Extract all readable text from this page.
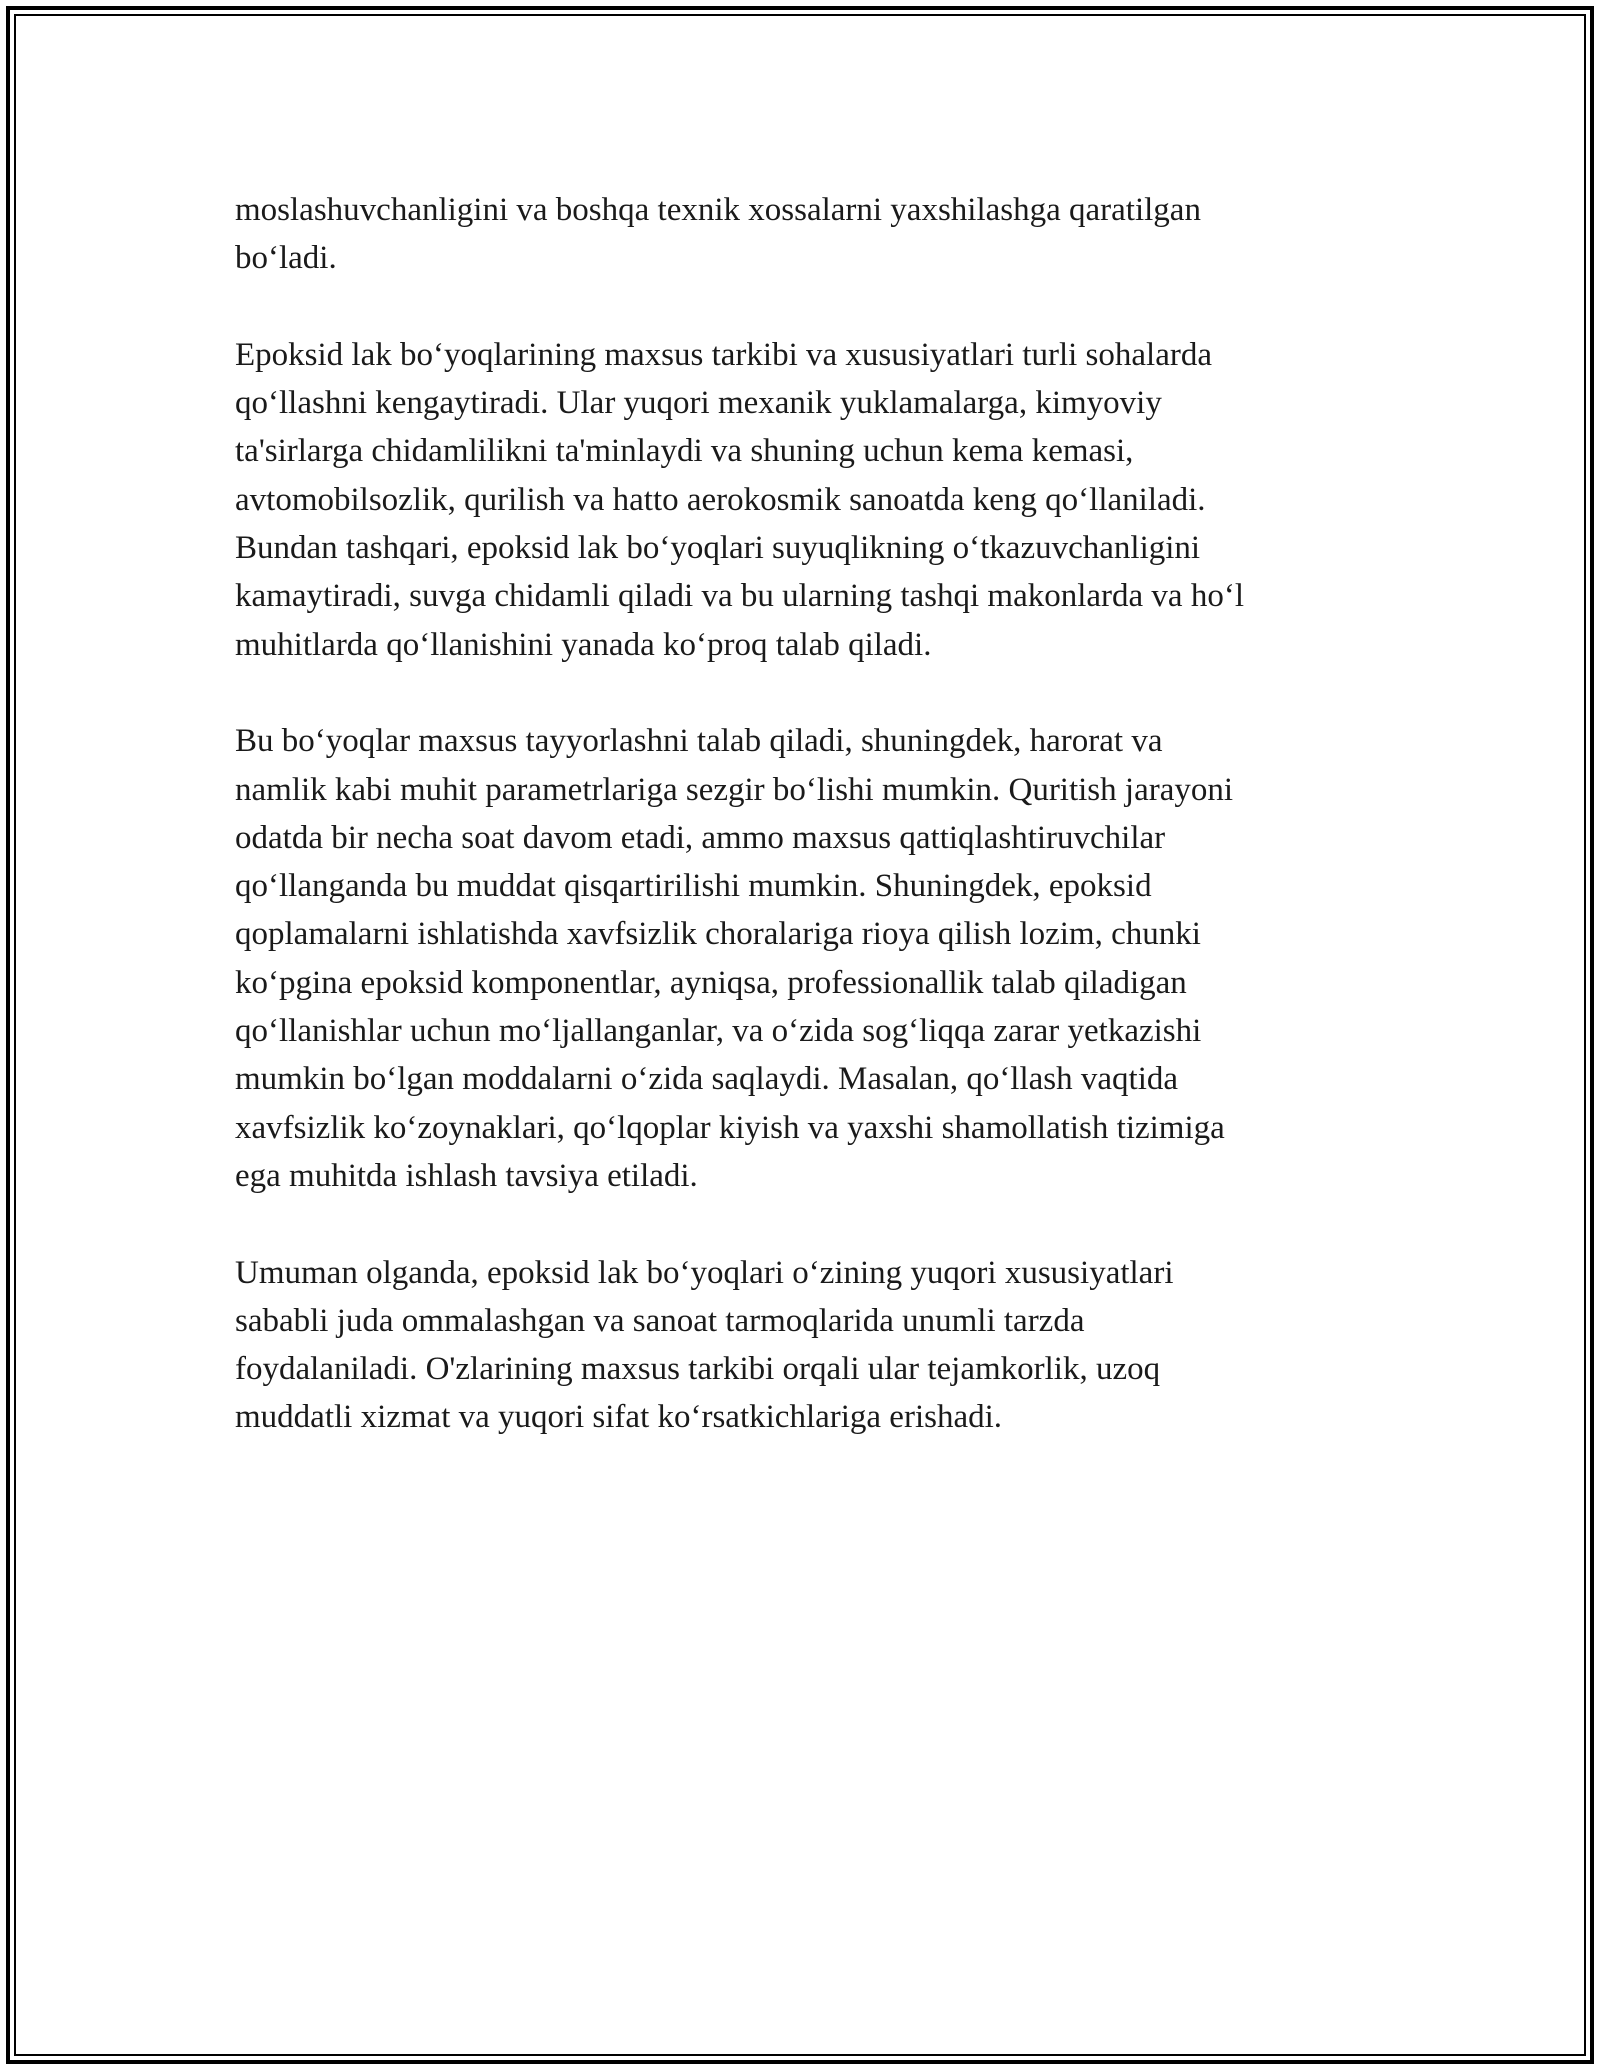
moslashuvchanligini va boshqa texnik xossalarni yaxshilashga qaratilgan
boʻladi.

Epoksid lak boʻyoqlarining maxsus tarkibi va xususiyatlari turli sohalarda
qoʻllashni kengaytiradi. Ular yuqori mexanik yuklamalarga, kimyoviy
ta'sirlarga chidamlilikni ta'minlaydi va shuning uchun kema kemasi,
avtomobilsozlik, qurilish va hatto aerokosmik sanoatda keng qoʻllaniladi.
Bundan tashqari, epoksid lak boʻyoqlari suyuqlikning oʻtkazuvchanligini
kamaytiradi, suvga chidamli qiladi va bu ularning tashqi makonlarda va hoʻl
muhitlarda qoʻllanishini yanada koʻproq talab qiladi.

Bu boʻyoqlar maxsus tayyorlashni talab qiladi, shuningdek, harorat va
namlik kabi muhit parametrlariga sezgir boʻlishi mumkin. Quritish jarayoni
odatda bir necha soat davom etadi, ammo maxsus qattiqlashtiruvchilar
qoʻllanganda bu muddat qisqartirilishi mumkin. Shuningdek, epoksid
qoplamalarni ishlatishda xavfsizlik choralariga rioya qilish lozim, chunki
koʻpgina epoksid komponentlar, ayniqsa, professionallik talab qiladigan
qoʻllanishlar uchun moʻljallanganlar, va oʻzida sogʻliqqa zarar yetkazishi
mumkin boʻlgan moddalarni oʻzida saqlaydi. Masalan, qoʻllash vaqtida
xavfsizlik koʻzoynaklari, qoʻlqoplar kiyish va yaxshi shamollatish tizimiga
ega muhitda ishlash tavsiya etiladi.

Umuman olganda, epoksid lak boʻyoqlari oʻzining yuqori xususiyatlari
sababli juda ommalashgan va sanoat tarmoqlarida unumli tarzda
foydalaniladi. O'zlarining maxsus tarkibi orqali ular tejamkorlik, uzoq
muddatli xizmat va yuqori sifat koʻrsatkichlariga erishadi.
